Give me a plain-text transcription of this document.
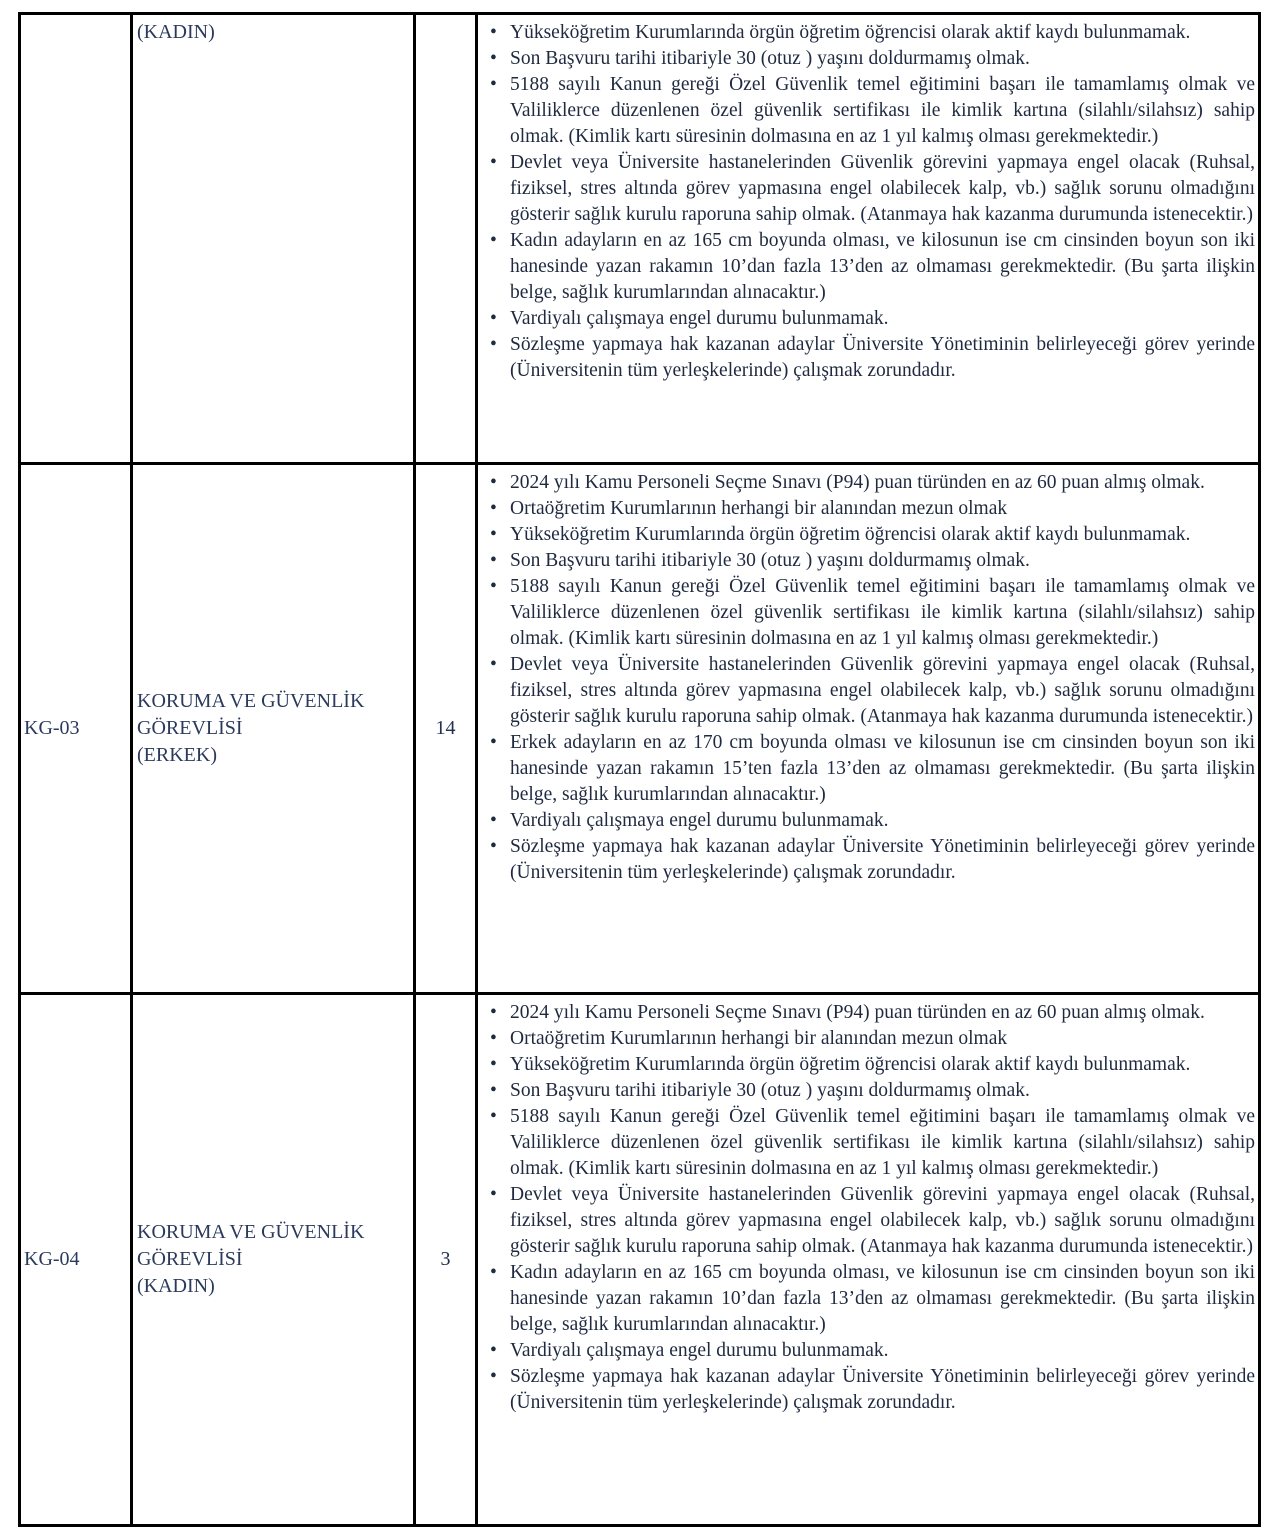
(KADIN)	• Yükseköğretim Kurumlarında örgün öğretim öğrencisi olarak aktif kaydı bulunmamak.
• Son Başvuru tarihi itibariyle 30 (otuz ) yaşını doldurmamış olmak.
• 5188 sayılı Kanun gereği Özel Güvenlik temel eğitimini başarı ile tamamlamış olmak ve Valiliklerce düzenlenen özel güvenlik sertifikası ile kimlik kartına (silahlı/silahsız) sahip olmak. (Kimlik kartı süresinin dolmasına en az 1 yıl kalmış olması gerekmektedir.)
• Devlet veya Üniversite hastanelerinden Güvenlik görevini yapmaya engel olacak (Ruhsal, fiziksel, stres altında görev yapmasına engel olabilecek kalp, vb.) sağlık sorunu olmadığını gösterir sağlık kurulu raporuna sahip olmak. (Atanmaya hak kazanma durumunda istenecektir.)
• Kadın adayların en az 165 cm boyunda olması, ve kilosunun ise cm cinsinden boyun son iki hanesinde yazan rakamın 10’dan fazla 13’den az olmaması gerekmektedir. (Bu şarta ilişkin belge, sağlık kurumlarından alınacaktır.)
• Vardiyalı çalışmaya engel durumu bulunmamak.
• Sözleşme yapmaya hak kazanan adaylar Üniversite Yönetiminin belirleyeceği görev yerinde (Üniversitenin tüm yerleşkelerinde) çalışmak zorundadır.
KG-03
KORUMA VE GÜVENLİK GÖREVLİSİ
(ERKEK)
14
• 2024 yılı Kamu Personeli Seçme Sınavı (P94) puan türünden en az 60 puan almış olmak.
• Ortaöğretim Kurumlarının herhangi bir alanından mezun olmak
• Yükseköğretim Kurumlarında örgün öğretim öğrencisi olarak aktif kaydı bulunmamak.
• Son Başvuru tarihi itibariyle 30 (otuz ) yaşını doldurmamış olmak.
• 5188 sayılı Kanun gereği Özel Güvenlik temel eğitimini başarı ile tamamlamış olmak ve Valiliklerce düzenlenen özel güvenlik sertifikası ile kimlik kartına (silahlı/silahsız) sahip olmak. (Kimlik kartı süresinin dolmasına en az 1 yıl kalmış olması gerekmektedir.)
• Devlet veya Üniversite hastanelerinden Güvenlik görevini yapmaya engel olacak (Ruhsal, fiziksel, stres altında görev yapmasına engel olabilecek kalp, vb.) sağlık sorunu olmadığını gösterir sağlık kurulu raporuna sahip olmak. (Atanmaya hak kazanma durumunda istenecektir.)
• Erkek adayların en az 170 cm boyunda olması ve kilosunun ise cm cinsinden boyun son iki hanesinde yazan rakamın 15’ten fazla 13’den az olmaması gerekmektedir. (Bu şarta ilişkin belge, sağlık kurumlarından alınacaktır.)
• Vardiyalı çalışmaya engel durumu bulunmamak.
• Sözleşme yapmaya hak kazanan adaylar Üniversite Yönetiminin belirleyeceği görev yerinde (Üniversitenin tüm yerleşkelerinde) çalışmak zorundadır.
KG-04
KORUMA VE GÜVENLİK GÖREVLİSİ
(KADIN)
3
• 2024 yılı Kamu Personeli Seçme Sınavı (P94) puan türünden en az 60 puan almış olmak.
• Ortaöğretim Kurumlarının herhangi bir alanından mezun olmak
• Yükseköğretim Kurumlarında örgün öğretim öğrencisi olarak aktif kaydı bulunmamak.
• Son Başvuru tarihi itibariyle 30 (otuz ) yaşını doldurmamış olmak.
• 5188 sayılı Kanun gereği Özel Güvenlik temel eğitimini başarı ile tamamlamış olmak ve Valiliklerce düzenlenen özel güvenlik sertifikası ile kimlik kartına (silahlı/silahsız) sahip olmak. (Kimlik kartı süresinin dolmasına en az 1 yıl kalmış olması gerekmektedir.)
• Devlet veya Üniversite hastanelerinden Güvenlik görevini yapmaya engel olacak (Ruhsal, fiziksel, stres altında görev yapmasına engel olabilecek kalp, vb.) sağlık sorunu olmadığını gösterir sağlık kurulu raporuna sahip olmak. (Atanmaya hak kazanma durumunda istenecektir.)
• Kadın adayların en az 165 cm boyunda olması, ve kilosunun ise cm cinsinden boyun son iki hanesinde yazan rakamın 10’dan fazla 13’den az olmaması gerekmektedir. (Bu şarta ilişkin belge, sağlık kurumlarından alınacaktır.)
• Vardiyalı çalışmaya engel durumu bulunmamak.
• Sözleşme yapmaya hak kazanan adaylar Üniversite Yönetiminin belirleyeceği görev yerinde (Üniversitenin tüm yerleşkelerinde) çalışmak zorundadır.
